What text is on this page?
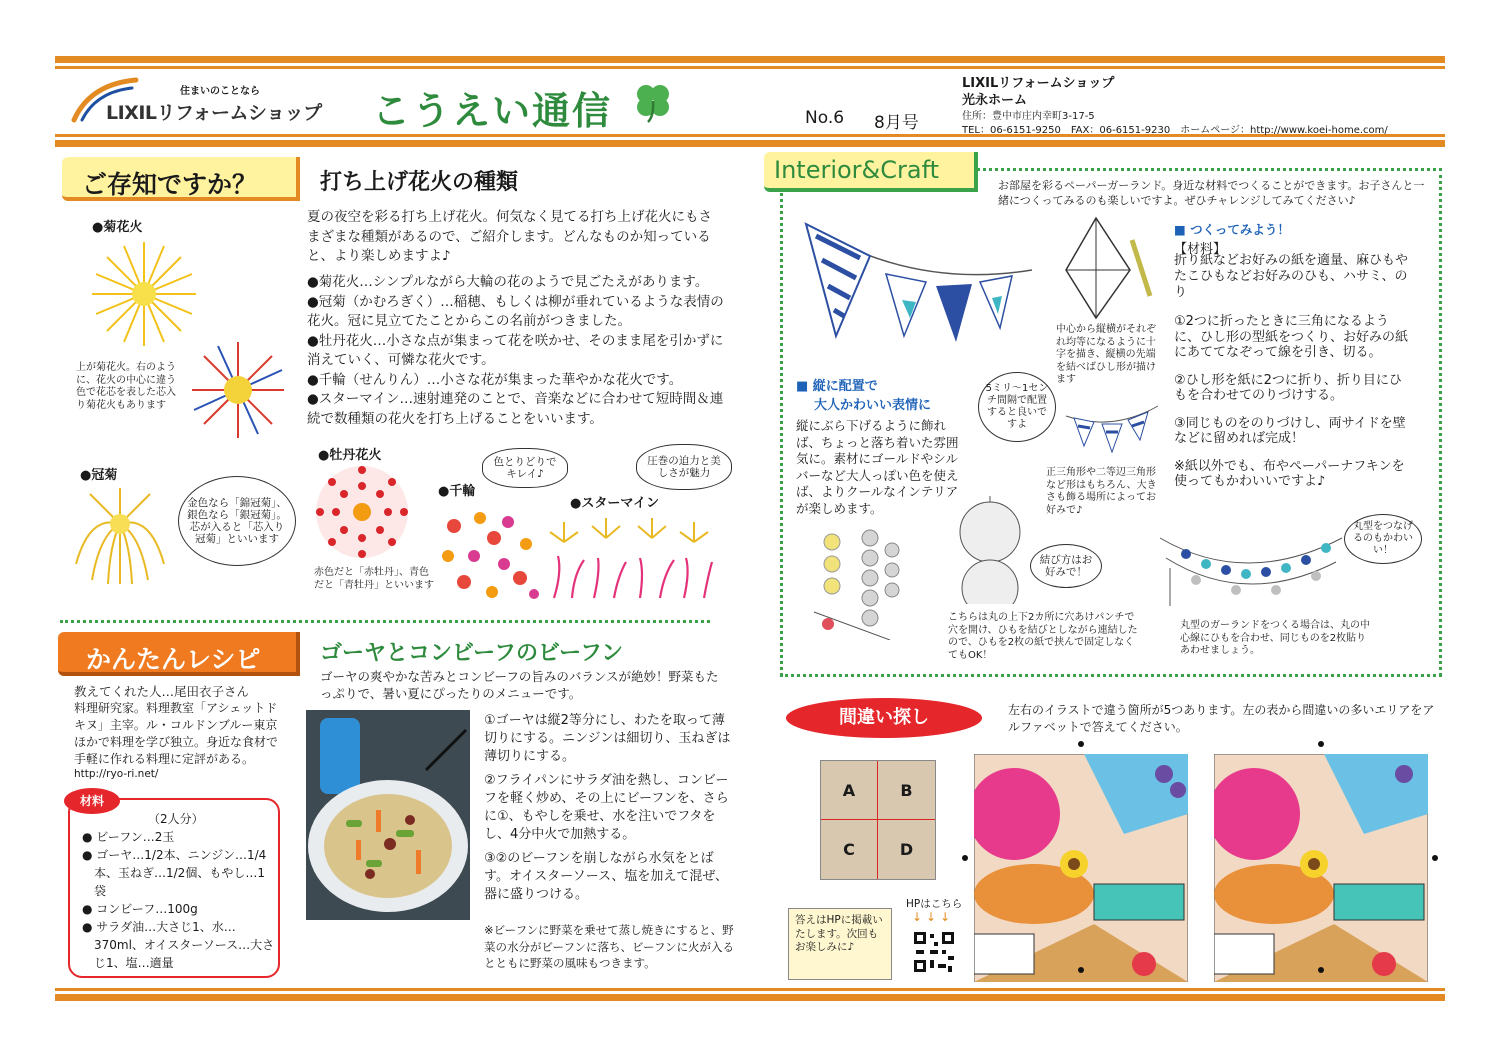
住まいのことなら
LIXILリフォームショップ こうえい通信	No.6 8月号
LIXILリフォームショップ
光永ホーム
住所：豊中市庄内幸町3-17-5
TEL：06-6151-9250　FAX：06-6151-9230　ホームページ：http://www.koei-home.com/
ご存知ですか？	打ち上げ花火の種類
夏の夜空を彩る打ち上げ花火。何気なく見てる打ち上げ花火にもさまざまな種類があるので、ご紹介します。どんなものか知っていると、より楽しめますよ♪
●菊花火…シンプルながら大輪の花のようで見ごたえがあります。
●冠菊（かむろぎく）…稲穂、もしくは柳が垂れているような表情の花火。冠に見立てたことからこの名前がつきました。
●牡丹花火…小さな点が集まって花を咲かせ、そのまま尾を引かずに消えていく、可憐な花火です。
●千輪（せんりん）…小さな花が集まった華やかな花火です。
●スターマイン…速射連発のことで、音楽などに合わせて短時間＆連続で数種類の花火を打ち上げることをいいます。
●菊花火
上が菊花火。右のように、花火の中心に違う色で花芯を表した芯入り菊花火もあります
●冠菊
金色なら「錦冠菊」、銀色なら「銀冠菊」。芯が入ると「芯入り冠菊」といいます
●牡丹花火
赤色だと「赤牡丹」、青色だと「青牡丹」といいます
●千輪
色とりどりでキレイ♪
●スターマイン
圧巻の迫力と美しさが魅力
かんたんレシピ	ゴーヤとコンビーフのビーフン
ゴーヤの爽やかな苦みとコンビーフの旨みのバランスが絶妙！野菜もたっぷりで、暑い夏にぴったりのメニューです。
教えてくれた人…尾田衣子さん
料理研究家。料理教室「アシェットドキヌ」主宰。ル・コルドンブルー東京ほかで料理を学び独立。身近な食材で手軽に作れる料理に定評がある。
http://ryo-ri.net/
材料
（2人分）
● ビーフン…2玉
● ゴーヤ…1/2本、ニンジン…1/4本、玉ねぎ…1/2個、もやし…1袋
● コンビーフ…100g
● サラダ油…大さじ1、水…370ml、オイスターソース…大さじ1、塩…適量
①ゴーヤは縦2等分にし、わたを取って薄切りにする。ニンジンは細切り、玉ねぎは薄切りにする。
②フライパンにサラダ油を熱し、コンビーフを軽く炒め、その上にビーフンを、さらに①、もやしを乗せ、水を注いでフタをし、4分中火で加熱する。
③②のビーフンを崩しながら水気をとばす。オイスターソース、塩を加えて混ぜ、器に盛りつける。
※ビーフンに野菜を乗せて蒸し焼きにすると、野菜の水分がビーフンに落ち、ビーフンに火が入るとともに野菜の風味もつきます。
Interior&Craft
お部屋を彩るペーパーガーランド。身近な材料でつくることができます。お子さんと一緒につくってみるのも楽しいですよ。ぜひチャレンジしてみてください♪
中心から縦横がそれぞれ均等になるように十字を描き、縦横の先端を結べばひし形が描けます
■ つくってみよう！
【材料】
折り紙などお好みの紙を適量、麻ひもやたこひもなどお好みのひも、ハサミ、のり
①2つに折ったときに三角になるように、ひし形の型紙をつくり、お好みの紙にあててなぞって線を引き、切る。
②ひし形を紙に2つに折り、折り目にひもを合わせてのりづけする。
③同じものをのりづけし、両サイドを壁などに留めれば完成！
※紙以外でも、布やペーパーナフキンを使ってもかわいいですよ♪
■ 縦に配置で
大人かわいい表情に
縦にぶら下げるように飾れば、ちょっと落ち着いた雰囲気に。素材にゴールドやシルバーなど大人っぽい色を使えば、よりクールなインテリアが楽しめます。
5ミリ～1センチ間隔で配置すると良いですよ
正三角形や二等辺三角形など形はもちろん、大きさも飾る場所によってお好みで♪
結び方はお好みで！
こちらは丸の上下2カ所に穴あけパンチで穴を開け、ひもを結びとしながら連結したので、ひもを2枚の紙で挟んで固定しなくてもOK！
丸型をつなげるのもかわいい！
丸型のガーランドをつくる場合は、丸の中心線にひもを合わせ、同じものを2枚貼りあわせましょう。
間違い探し	左右のイラストで違う箇所が5つあります。左の表から間違いの多いエリアをアルファベットで答えてください。
A	B
C	D
答えはHPに掲載いたします。次回もお楽しみに♪
HPはこちら
↓↓↓
